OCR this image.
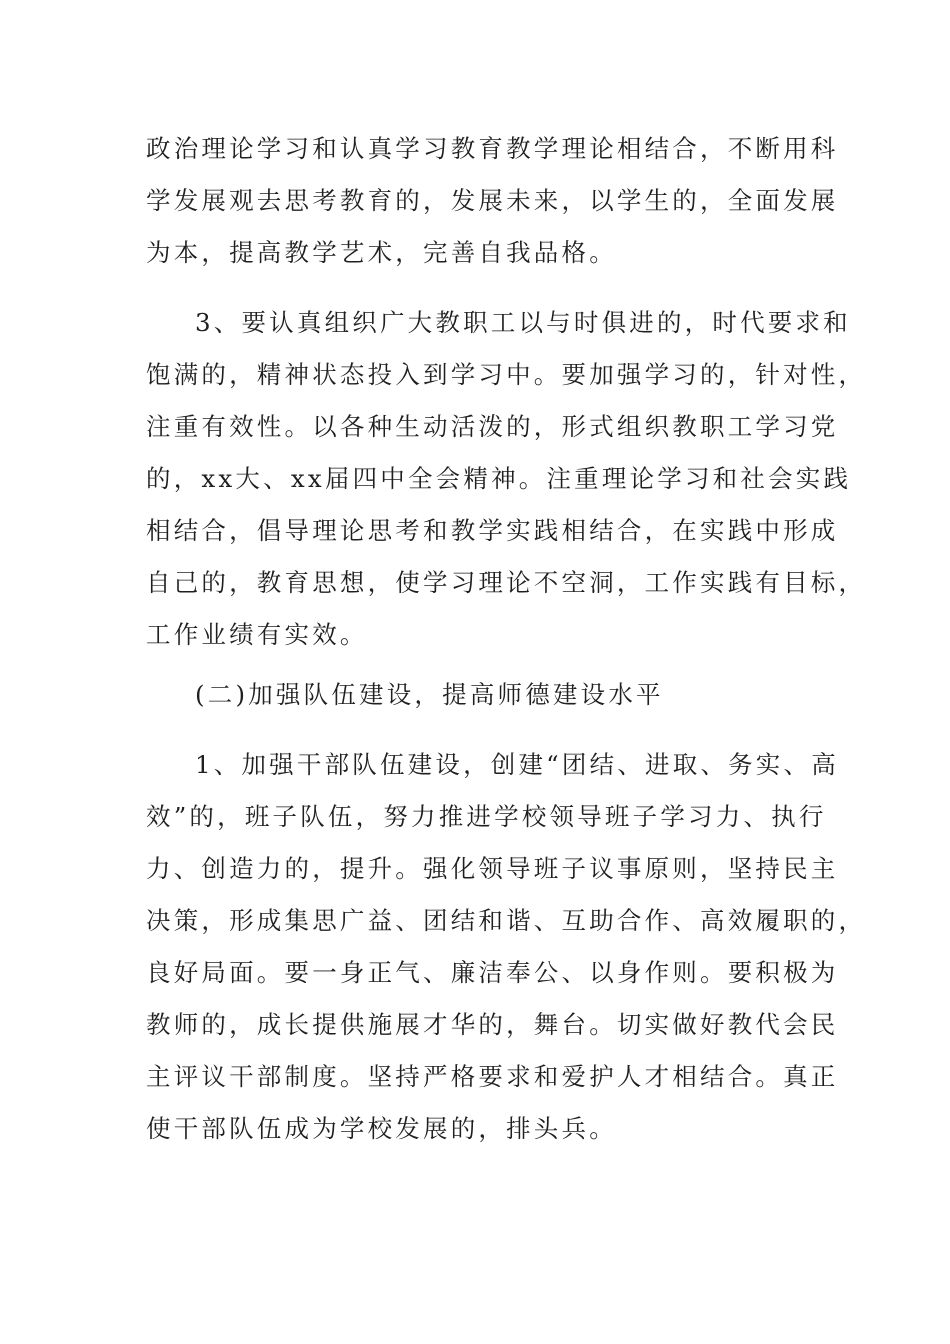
政治理论学习和认真学习教育教学理论相结合，不断用科
学发展观去思考教育的，发展未来，以学生的，全面发展
为本，提高教学艺术，完善自我品格。
3、要认真组织广大教职工以与时俱进的，时代要求和
饱满的，精神状态投入到学习中。要加强学习的，针对性，
注重有效性。以各种生动活泼的，形式组织教职工学习党
的，xx大、xx届四中全会精神。注重理论学习和社会实践
相结合，倡导理论思考和教学实践相结合，在实践中形成
自己的，教育思想，使学习理论不空洞，工作实践有目标，
工作业绩有实效。
(二)加强队伍建设，提高师德建设水平
1、加强干部队伍建设，创建“团结、进取、务实、高
效”的，班子队伍，努力推进学校领导班子学习力、执行
力、创造力的，提升。强化领导班子议事原则，坚持民主
决策，形成集思广益、团结和谐、互助合作、高效履职的，
良好局面。要一身正气、廉洁奉公、以身作则。要积极为
教师的，成长提供施展才华的，舞台。切实做好教代会民
主评议干部制度。坚持严格要求和爱护人才相结合。真正
使干部队伍成为学校发展的，排头兵。
